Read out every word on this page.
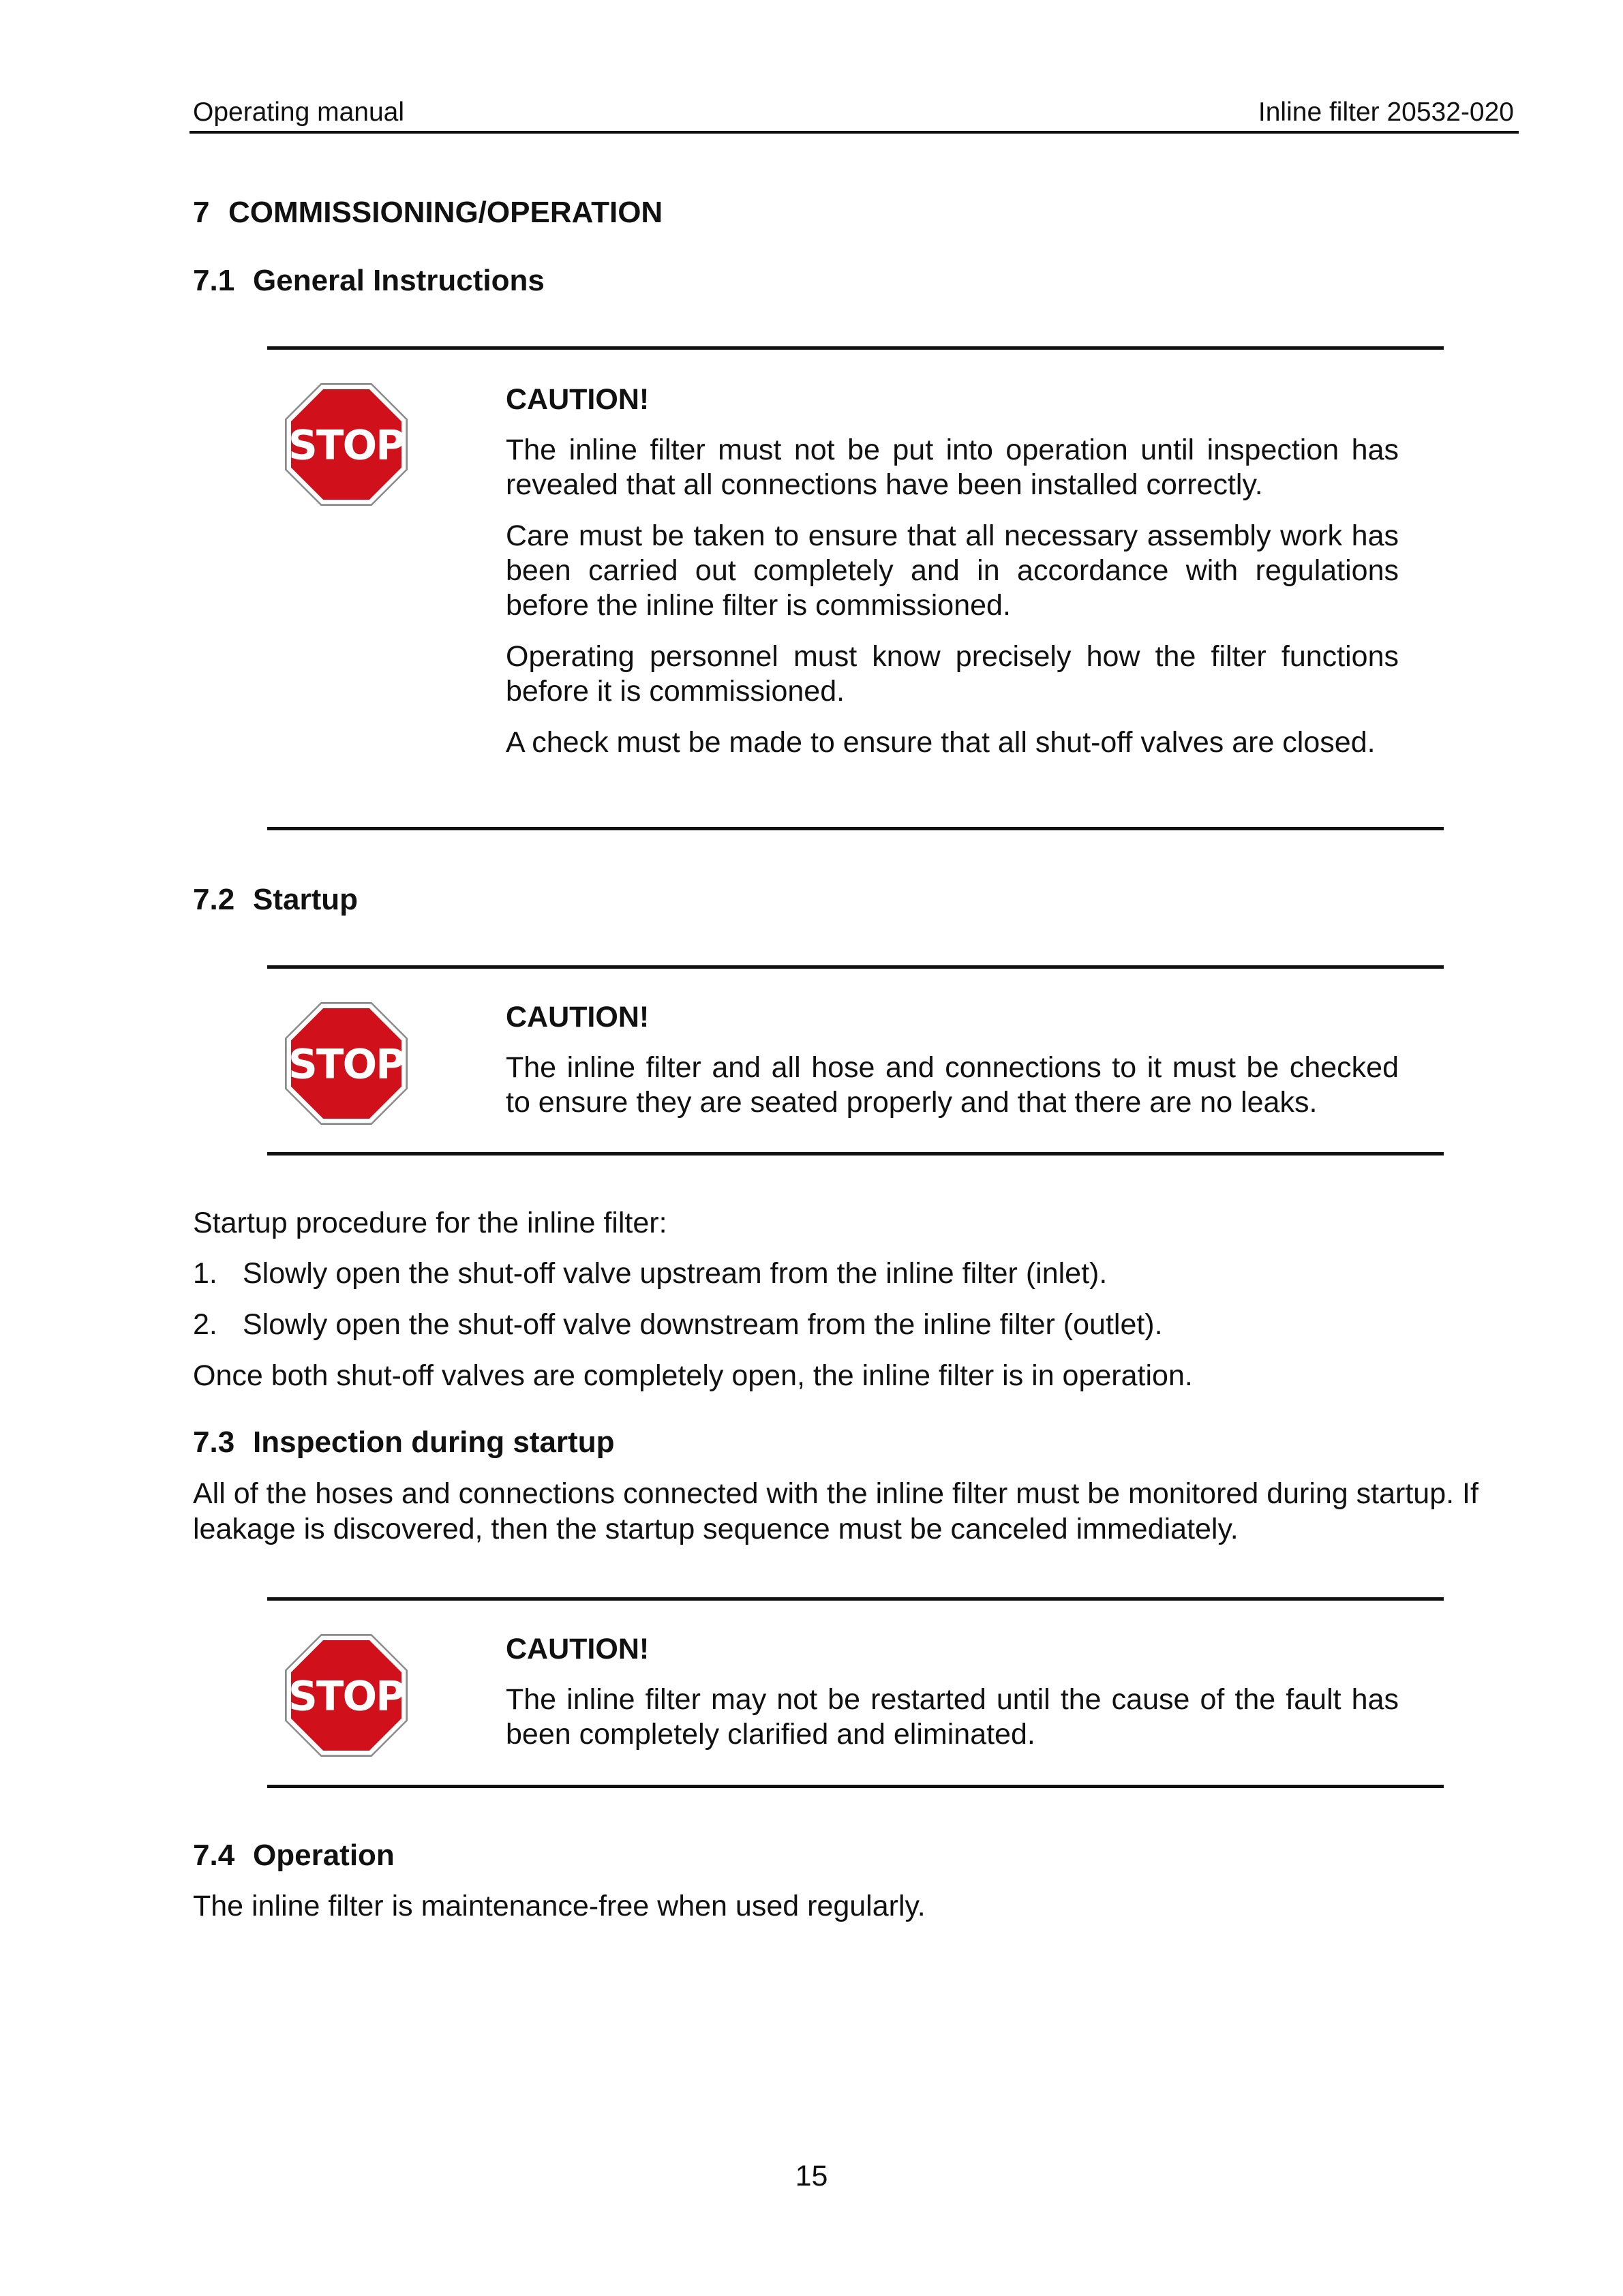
Operating manual	Inline filter 20532-020
7 COMMISSIONING/OPERATION
7.1 General Instructions
STOP
CAUTION!

The inline filter must not be put into operation until inspection has revealed that all connections have been installed correctly.

Care must be taken to ensure that all necessary assembly work has been carried out completely and in accordance with regulations before the inline filter is commissioned.

Operating personnel must know precisely how the filter functions before it is commissioned.

A check must be made to ensure that all shut-off valves are closed.

7.2 Startup
STOP
CAUTION!

The inline filter and all hose and connections to it must be checked to ensure they are seated properly and that there are no leaks.

Startup procedure for the inline filter:
1. Slowly open the shut-off valve upstream from the inline filter (inlet).
2. Slowly open the shut-off valve downstream from the inline filter (outlet).
Once both shut-off valves are completely open, the inline filter is in operation.
7.3 Inspection during startup
All of the hoses and connections connected with the inline filter must be monitored during startup. If leakage is discovered, then the startup sequence must be canceled immediately.
STOP
CAUTION!

The inline filter may not be restarted until the cause of the fault has been completely clarified and eliminated.

7.4 Operation
The inline filter is maintenance-free when used regularly.
15
